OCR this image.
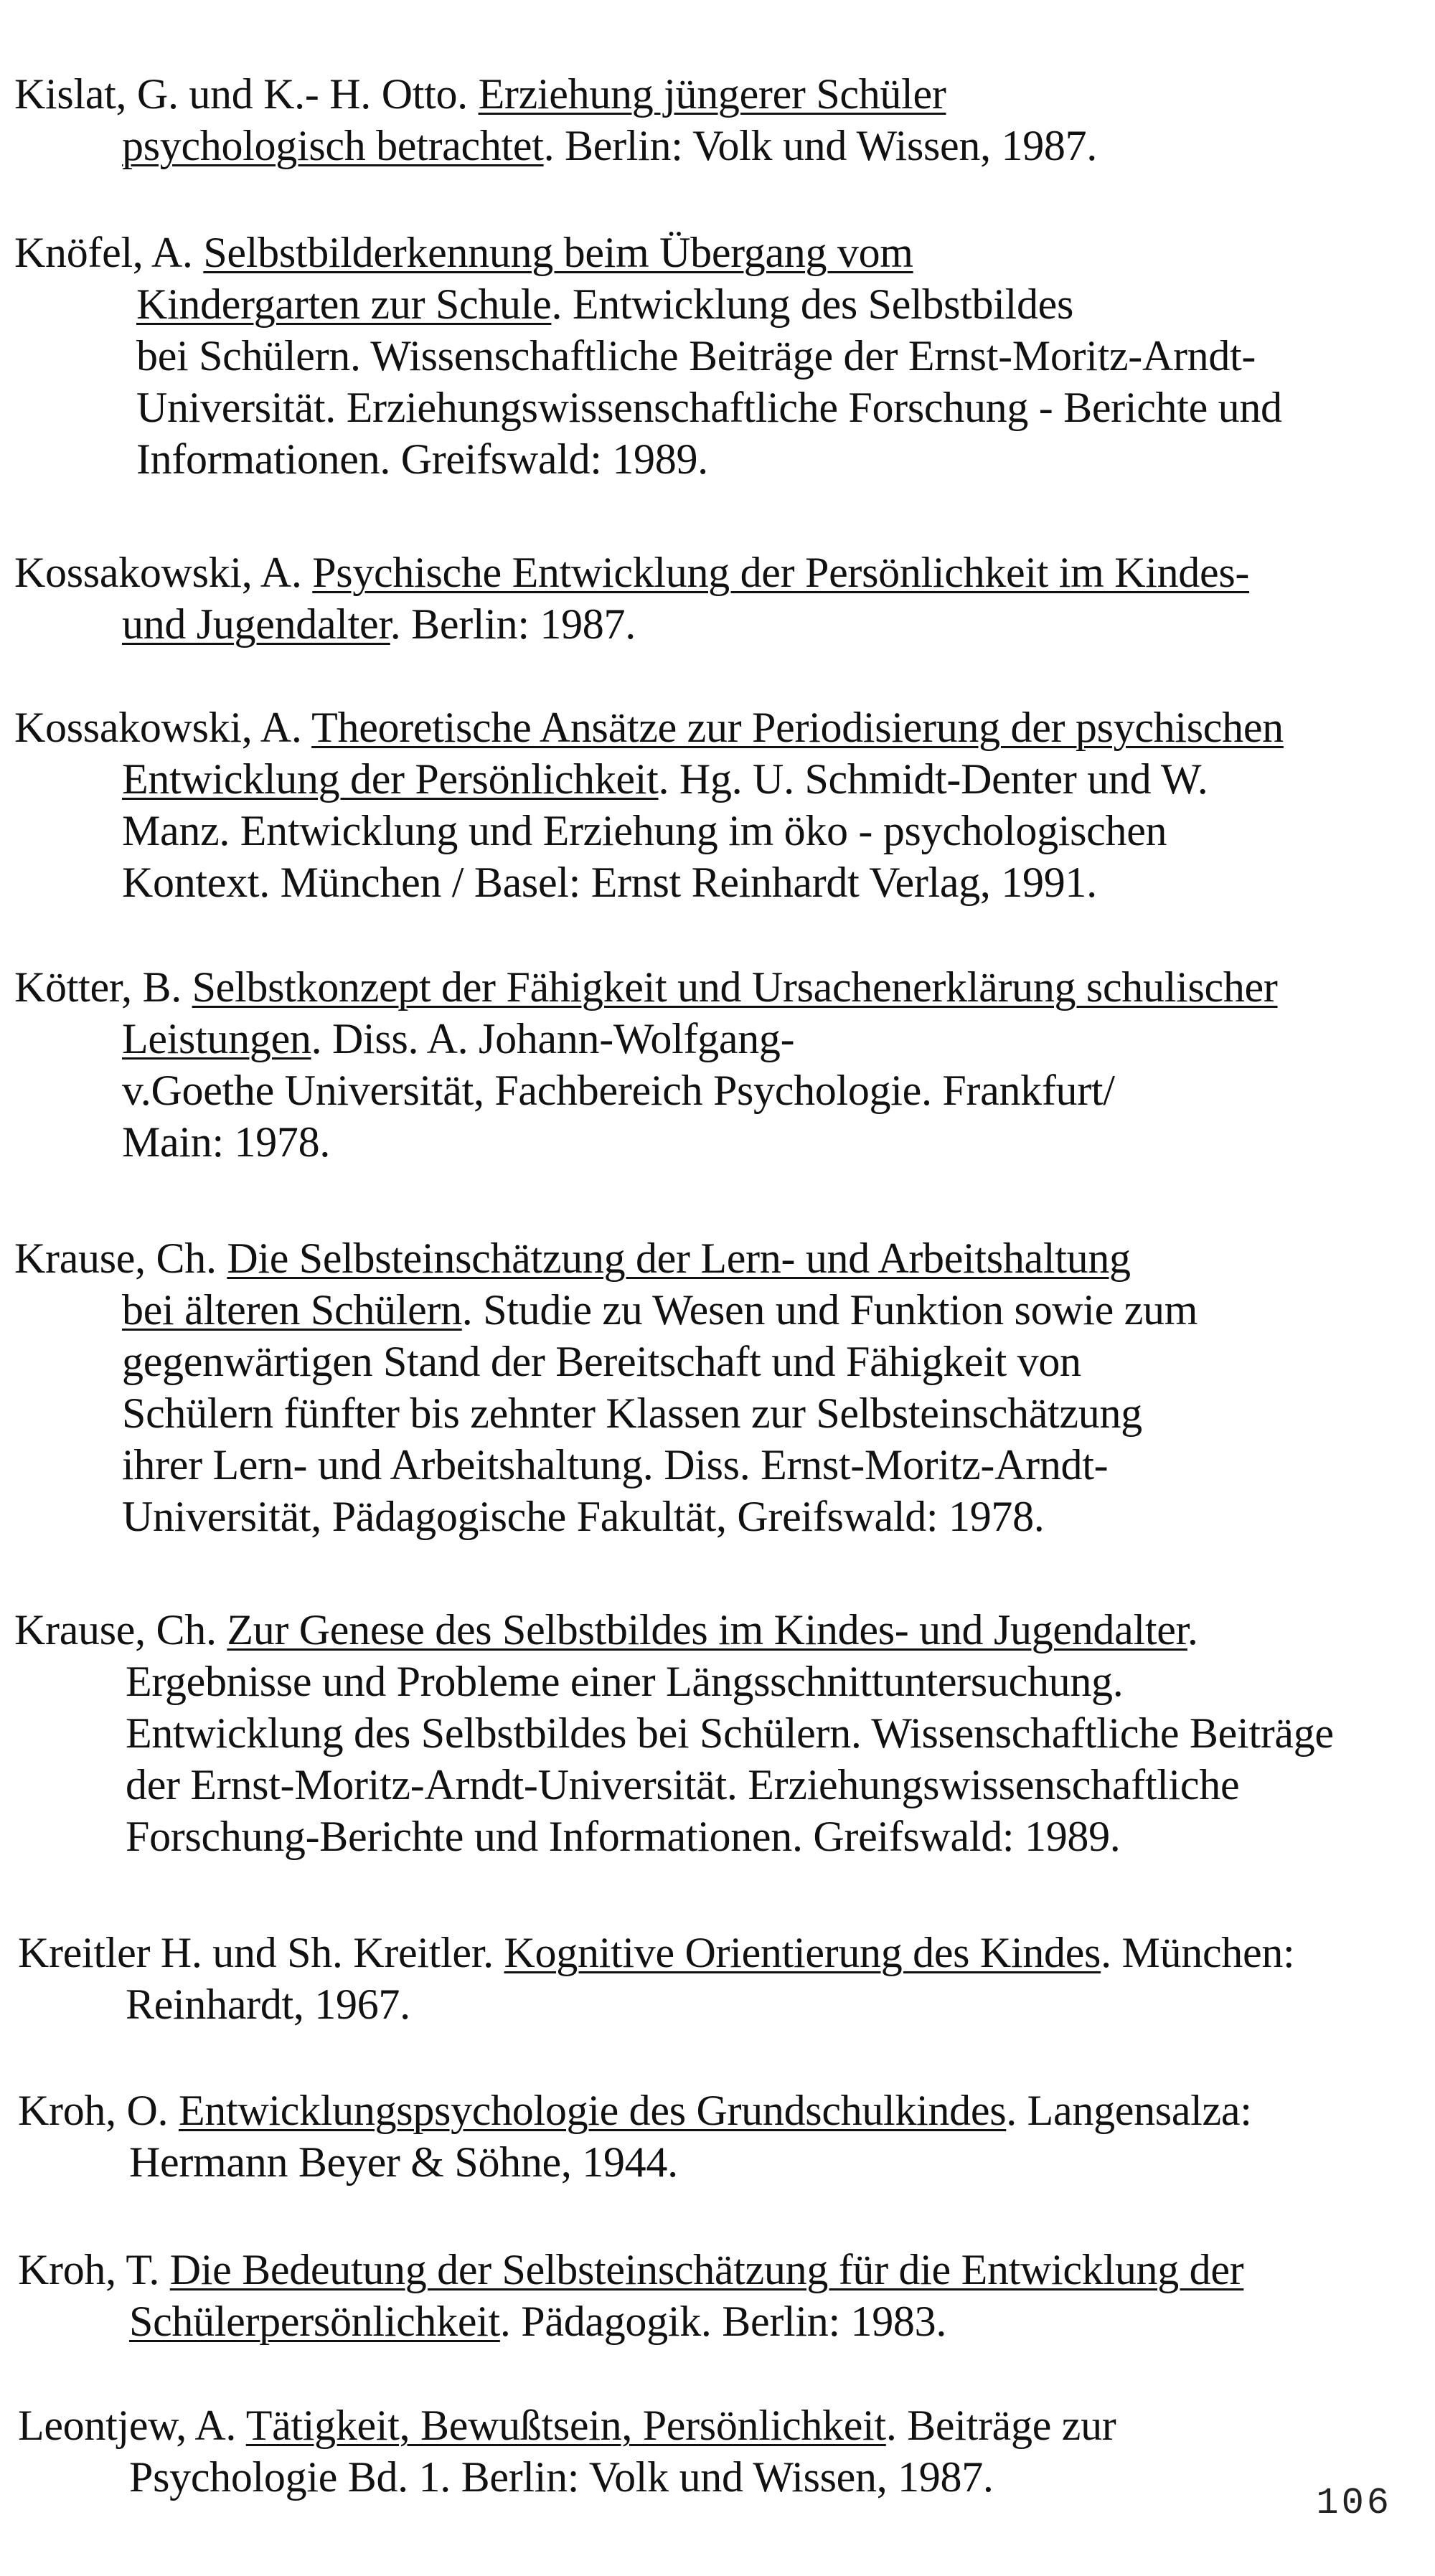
Kislat, G. und K.- H. Otto. Erziehung jüngerer Schüler
psychologisch betrachtet. Berlin: Volk und Wissen, 1987.
Knöfel, A. Selbstbilderkennung beim Übergang vom
Kindergarten zur Schule. Entwicklung des Selbstbildes
bei Schülern. Wissenschaftliche Beiträge der Ernst-Moritz-Arndt-
Universität. Erziehungswissenschaftliche Forschung - Berichte und
Informationen. Greifswald: 1989.
Kossakowski, A. Psychische Entwicklung der Persönlichkeit im Kindes-
und Jugendalter. Berlin: 1987.
Kossakowski, A. Theoretische Ansätze zur Periodisierung der psychischen
Entwicklung der Persönlichkeit. Hg. U. Schmidt-Denter und W.
Manz. Entwicklung und Erziehung im öko - psychologischen
Kontext. München / Basel: Ernst Reinhardt Verlag, 1991.
Kötter, B. Selbstkonzept der Fähigkeit und Ursachenerklärung schulischer
Leistungen. Diss. A. Johann-Wolfgang-
v.Goethe Universität, Fachbereich Psychologie. Frankfurt/
Main: 1978.
Krause, Ch. Die Selbsteinschätzung der Lern- und Arbeitshaltung
bei älteren Schülern. Studie zu Wesen und Funktion sowie zum
gegenwärtigen Stand der Bereitschaft und Fähigkeit von
Schülern fünfter bis zehnter Klassen zur Selbsteinschätzung
ihrer Lern- und Arbeitshaltung. Diss. Ernst-Moritz-Arndt-
Universität, Pädagogische Fakultät, Greifswald: 1978.
Krause, Ch. Zur Genese des Selbstbildes im Kindes- und Jugendalter.
Ergebnisse und Probleme einer Längsschnittuntersuchung.
Entwicklung des Selbstbildes bei Schülern. Wissenschaftliche Beiträge
der Ernst-Moritz-Arndt-Universität. Erziehungswissenschaftliche
Forschung-Berichte und Informationen. Greifswald: 1989.
Kreitler H. und Sh. Kreitler. Kognitive Orientierung des Kindes. München:
Reinhardt, 1967.
Kroh, O. Entwicklungspsychologie des Grundschulkindes. Langensalza:
Hermann Beyer & Söhne, 1944.
Kroh, T. Die Bedeutung der Selbsteinschätzung für die Entwicklung der
Schülerpersönlichkeit. Pädagogik. Berlin: 1983.
Leontjew, A. Tätigkeit, Bewußtsein, Persönlichkeit. Beiträge zur
Psychologie Bd. 1. Berlin: Volk und Wissen, 1987.
106
